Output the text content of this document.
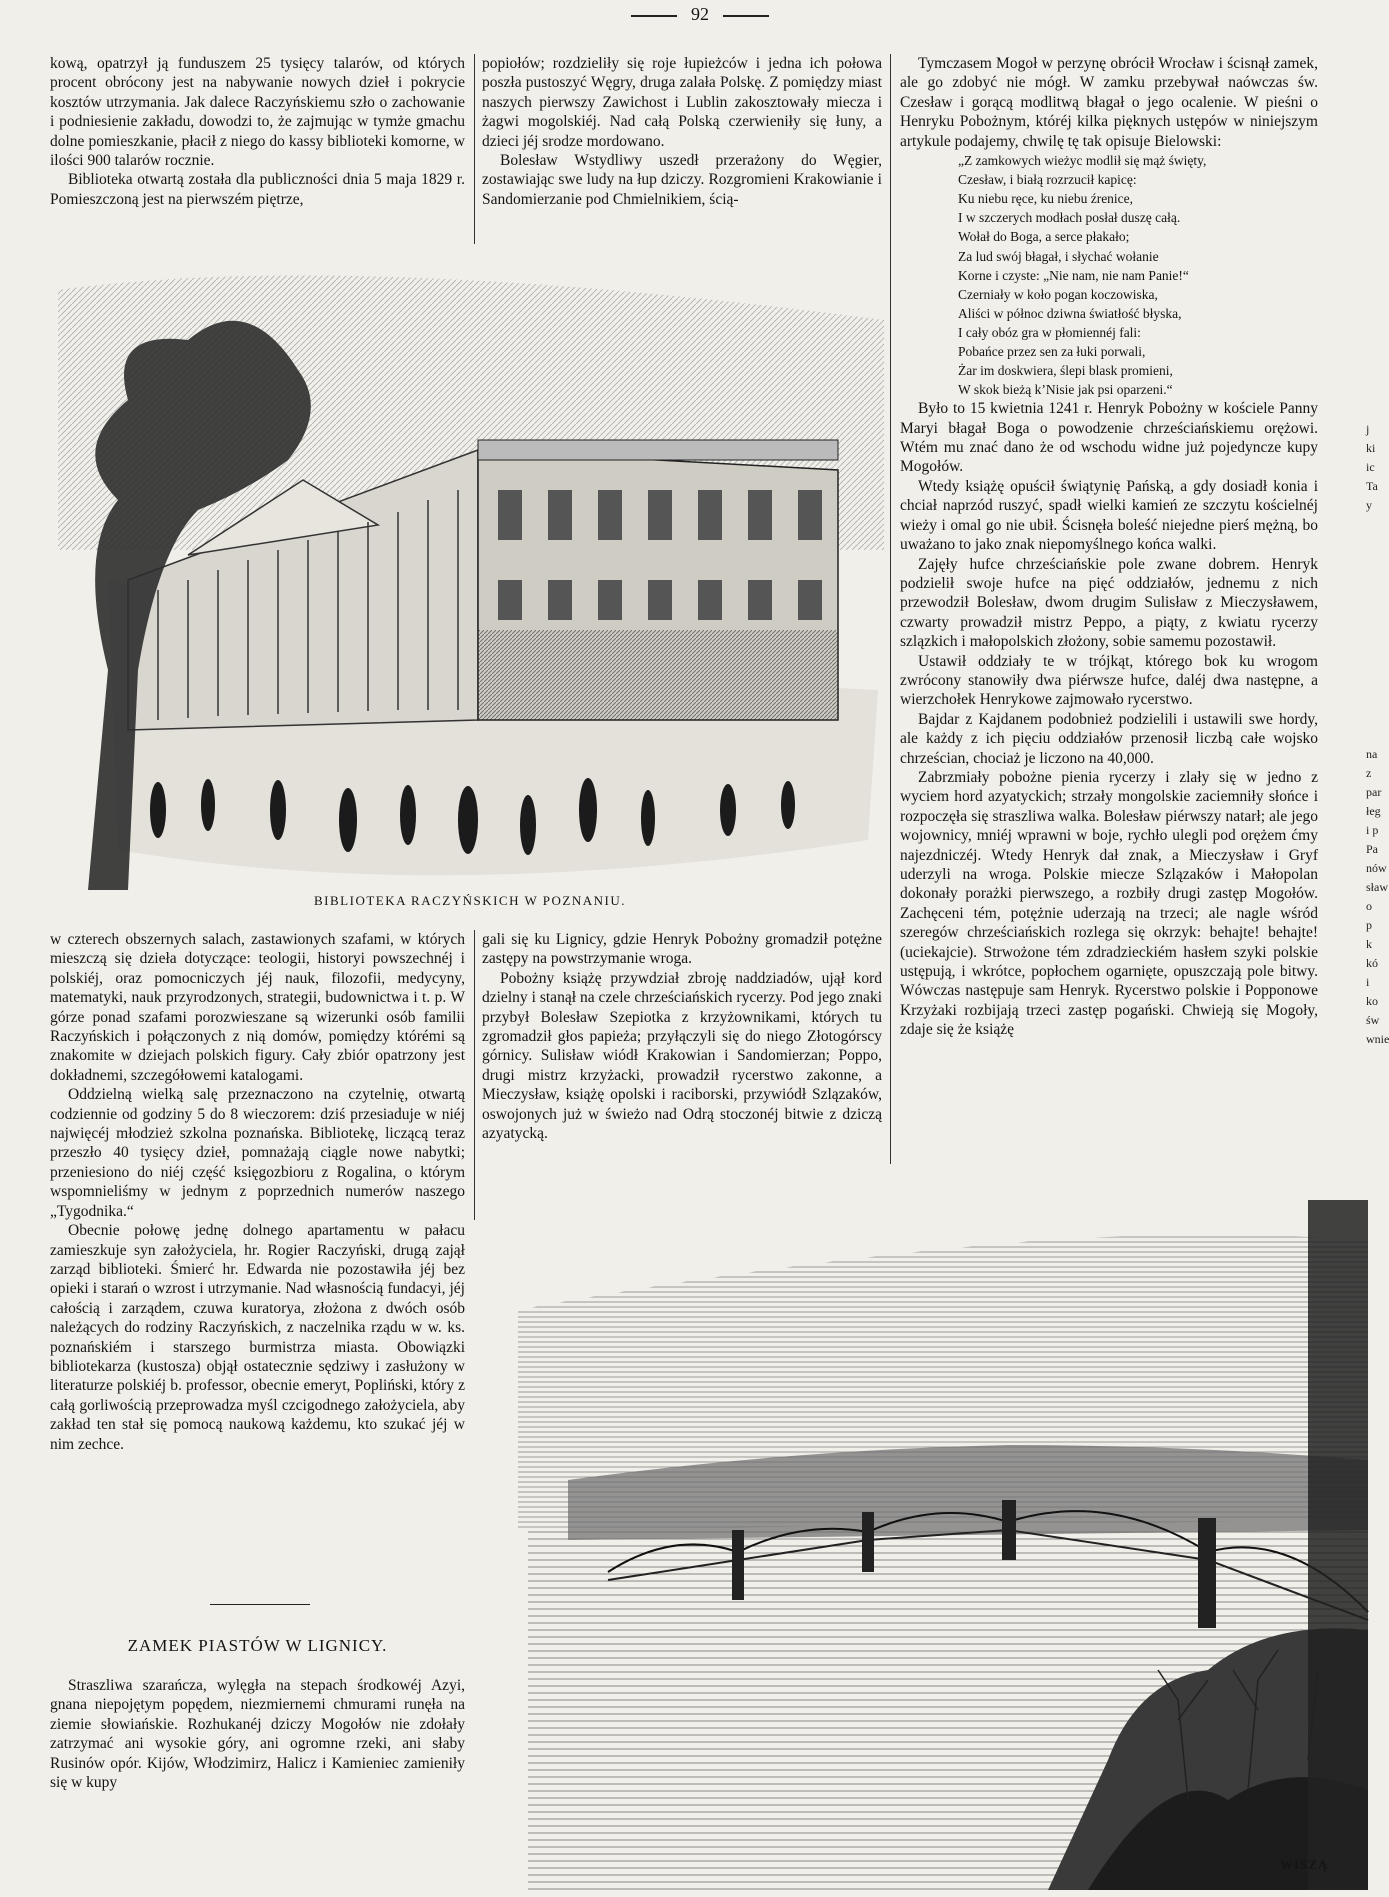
92

kową, opatrzył ją funduszem 25 tysięcy talarów, od których procent obrócony jest na nabywanie nowych dzieł i pokrycie kosztów utrzymania. Jak dalece Raczyńskiemu szło o zachowanie i podniesienie zakładu, dowodzi to, że zajmując w tymże gmachu dolne pomieszkanie, płacił z niego do kassy biblioteki komorne, w ilości 900 talarów rocznie.

Biblioteka otwartą została dla publiczności dnia 5 maja 1829 r. Pomieszczoną jest na pierwszém piętrze,

popiołów; rozdzieliły się roje łupieżców i jedna ich połowa poszła pustoszyć Węgry, druga zalała Polskę. Z pomiędzy miast naszych pierwszy Zawichost i Lublin zakosztowały miecza i żagwi mogolskiéj. Nad całą Polską czerwieniły się łuny, a dzieci jéj srodze mordowano.

Bolesław Wstydliwy uszedł przerażony do Węgier, zostawiając swe ludy na łup dziczy. Rozgromieni Krakowianie i Sandomierzanie pod Chmielnikiem, ścią-

BIBLIOTEKA RACZYŃSKICH W POZNANIU.

w czterech obszernych salach, zastawionych szafami, w których mieszczą się dzieła dotyczące: teologii, historyi powszechnéj i polskiéj, oraz pomocniczych jéj nauk, filozofii, medycyny, matematyki, nauk przyrodzonych, strategii, budownictwa i t. p. W górze ponad szafami porozwieszane są wizerunki osób familii Raczyńskich i połączonych z nią domów, pomiędzy którémi są znakomite w dziejach polskich figury. Cały zbiór opatrzony jest dokładnemi, szczegółowemi katalogami.

Oddzielną wielką salę przeznaczono na czytelnię, otwartą codziennie od godziny 5 do 8 wieczorem: dziś przesiaduje w niéj najwięcéj młodzież szkolna poznańska. Bibliotekę, liczącą teraz przeszło 40 tysięcy dzieł, pomnażają ciągle nowe nabytki; przeniesiono do niéj część księgozbioru z Rogalina, o którym wspomnieliśmy w jednym z poprzednich numerów naszego „Tygodnika.“

Obecnie połowę jednę dolnego apartamentu w pałacu zamieszkuje syn założyciela, hr. Rogier Raczyński, drugą zajął zarząd biblioteki. Śmierć hr. Edwarda nie pozostawiła jéj bez opieki i starań o wzrost i utrzymanie. Nad własnością fundacyi, jéj całością i zarządem, czuwa kuratorya, złożona z dwóch osób należących do rodziny Raczyńskich, z naczelnika rządu w w. ks. poznańskiém i starszego burmistrza miasta. Obowiązki bibliotekarza (kustosza) objął ostatecznie sędziwy i zasłużony w literaturze polskiéj b. professor, obecnie emeryt, Popliński, który z całą gorliwością przeprowadza myśl czcigodnego założyciela, aby zakład ten stał się pomocą naukową każdemu, kto szukać jéj w nim zechce.

ZAMEK PIASTÓW W LIGNICY.

Straszliwa szarańcza, wylęgła na stepach środkowéj Azyi, gnana niepojętym popędem, niezmiernemi chmurami runęła na ziemie słowiańskie. Rozhukanéj dziczy Mogołów nie zdołały zatrzymać ani wysokie góry, ani ogromne rzeki, ani słaby Rusinów opór. Kijów, Włodzimirz, Halicz i Kamieniec zamieniły się w kupy

gali się ku Lignicy, gdzie Henryk Pobożny gromadził potężne zastępy na powstrzymanie wroga.

Pobożny książę przywdział zbroję naddziadów, ujął kord dzielny i stanął na czele chrześciańskich rycerzy. Pod jego znaki przybył Bolesław Szepiotka z krzyżownikami, których tu zgromadził głos papieża; przyłączyli się do niego Złotogórscy górnicy. Sulisław wiódł Krakowian i Sandomierzan; Poppo, drugi mistrz krzyżacki, prowadził rycerstwo zakonne, a Mieczysław, książę opolski i raciborski, przywiódł Szlązaków, oswojonych już w świeżo nad Odrą stoczonéj bitwie z dziczą azyatycką.

Tymczasem Mogoł w perzynę obrócił Wrocław i ścisnął zamek, ale go zdobyć nie mógł. W zamku przebywał naówczas św. Czesław i gorącą modlitwą błagał o jego ocalenie. W pieśni o Henryku Pobożnym, któréj kilka pięknych ustępów w niniejszym artykule podajemy, chwilę tę tak opisuje Bielowski:

„Z zamkowych wieżyc modlił się mąż święty,
Czesław, i białą rozrzucił kapicę:
Ku niebu ręce, ku niebu źrenice,
I w szczerych modłach posłał duszę całą.
Wołał do Boga, a serce płakało;
Za lud swój błagał, i słychać wołanie
Korne i czyste: „Nie nam, nie nam Panie!“
Czerniały w koło pogan koczowiska,
Aliści w północ dziwna światłość błyska,
I cały obóz gra w płomiennéj fali:
Pobańce przez sen za łuki porwali,
Żar im doskwiera, ślepi blask promieni,
W skok bieżą k’Nisie jak psi oparzeni.“

Było to 15 kwietnia 1241 r. Henryk Pobożny w kościele Panny Maryi błagał Boga o powodzenie chrześciańskiemu orężowi. Wtém mu znać dano że od wschodu widne już pojedyncze kupy Mogołów.

Wtedy książę opuścił świątynię Pańską, a gdy dosiadł konia i chciał naprzód ruszyć, spadł wielki kamień ze szczytu kościelnéj wieży i omal go nie ubił. Ścisnęła boleść niejedne pierś mężną, bo uważano to jako znak niepomyślnego końca walki.

Zajęły hufce chrześciańskie pole zwane dobrem. Henryk podzielił swoje hufce na pięć oddziałów, jednemu z nich przewodził Bolesław, dwom drugim Sulisław z Mieczysławem, czwarty prowadził mistrz Peppo, a piąty, z kwiatu rycerzy szlązkich i małopolskich złożony, sobie samemu pozostawił.

Ustawił oddziały te w trójkąt, którego bok ku wrogom zwrócony stanowiły dwa piérwsze hufce, daléj dwa następne, a wierzchołek Henrykowe zajmowało rycerstwo.

Bajdar z Kajdanem podobnież podzielili i ustawili swe hordy, ale każdy z ich pięciu oddziałów przenosił liczbą całe wojsko chrześcian, chociaż je liczono na 40,000.

Zabrzmiały pobożne pienia rycerzy i zlały się w jedno z wyciem hord azyatyckich; strzały mongolskie zaciemniły słońce i rozpoczęła się straszliwa walka. Bolesław piérwszy natarł; ale jego wojownicy, mniéj wprawni w boje, rychło ulegli pod orężem ćmy najezdniczéj. Wtedy Henryk dał znak, a Mieczysław i Gryf uderzyli na wroga. Polskie miecze Szlązaków i Małopolan dokonały porażki pierwszego, a rozbiły drugi zastęp Mogołów. Zachęceni tém, potężnie uderzają na trzeci; ale nagle wśród szeregów chrześciańskich rozlega się okrzyk: behajte! behajte! (uciekajcie). Strwożone tém zdradzieckiém hasłem szyki polskie ustępują, i wkrótce, popłochem ogarnięte, opuszczają pole bitwy. Wówczas następuje sam Henryk. Rycerstwo polskie i Popponowe Krzyżaki rozbijają trzeci zastęp pogański. Chwieją się Mogoły, zdaje się że książę

WISZĄ
j
ki
ic
Ta
y
na z
par
łeg
i p
Pa
nów
sław
o p
k kó
i ko
św
wnie
